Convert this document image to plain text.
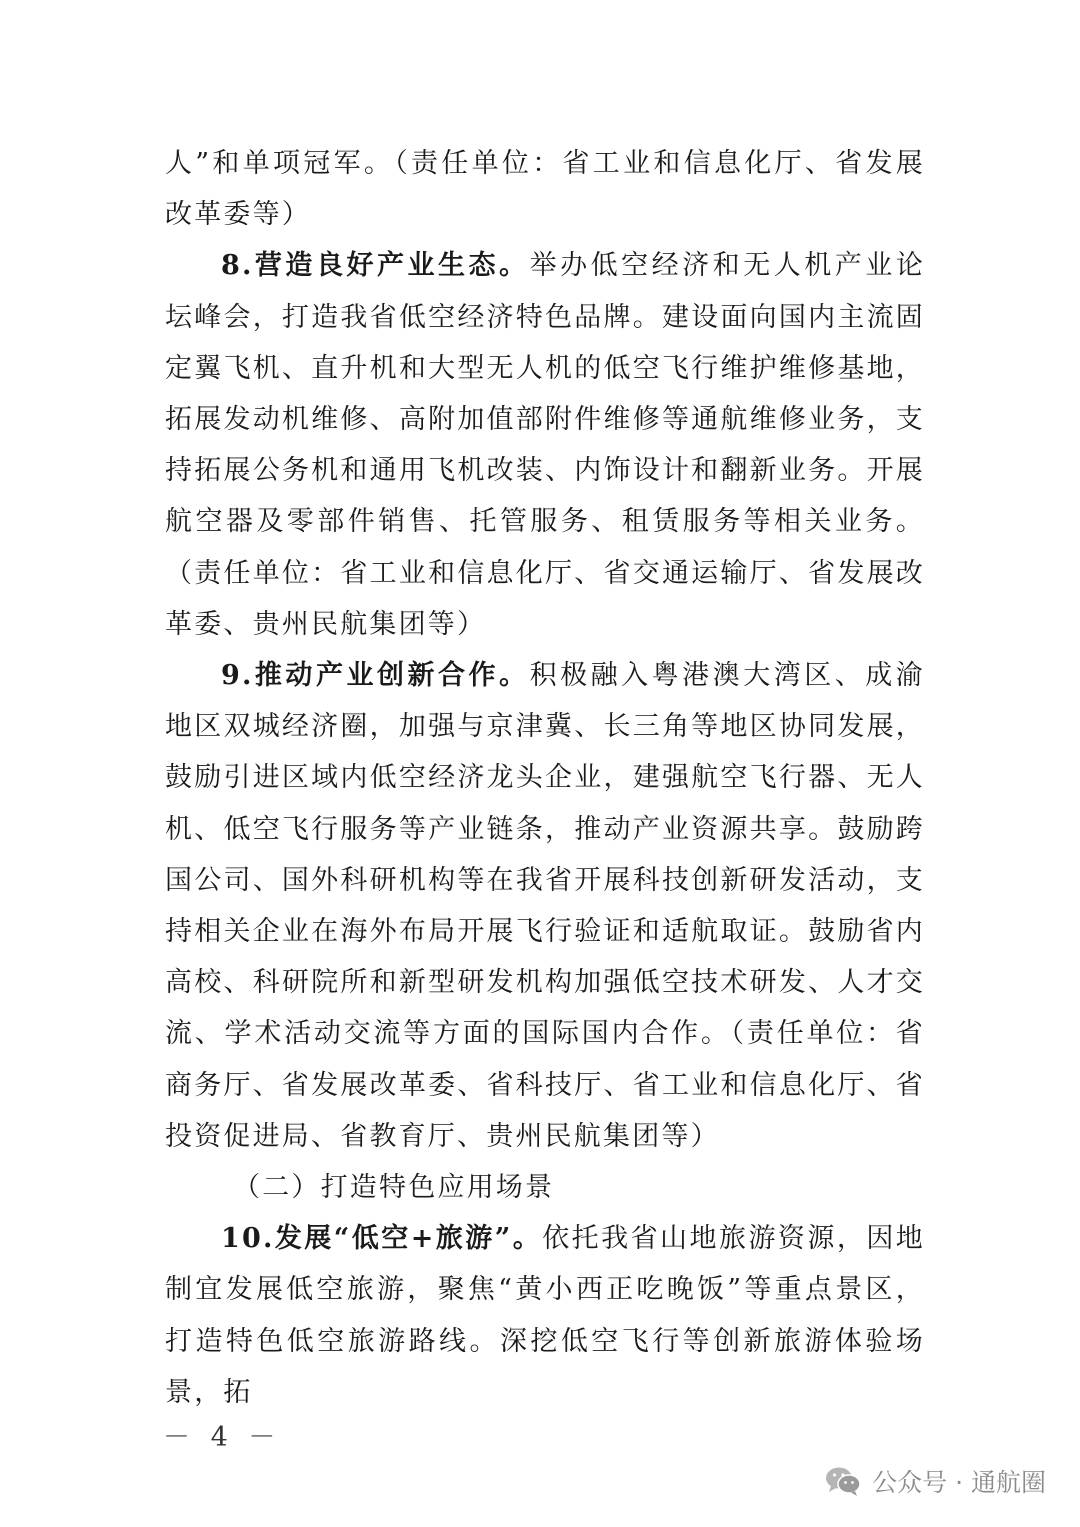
人”和单项冠军。（责任单位：省工业和信息化厅、省发展改革委等）

8.营造良好产业生态。举办低空经济和无人机产业论坛峰会，打造我省低空经济特色品牌。建设面向国内主流固定翼飞机、直升机和大型无人机的低空飞行维护维修基地，拓展发动机维修、高附加值部附件维修等通航维修业务，支持拓展公务机和通用飞机改装、内饰设计和翻新业务。开展航空器及零部件销售、托管服务、租赁服务等相关业务。（责任单位：省工业和信息化厅、省交通运输厅、省发展改革委、贵州民航集团等）

9.推动产业创新合作。积极融入粤港澳大湾区、成渝地区双城经济圈，加强与京津冀、长三角等地区协同发展，鼓励引进区域内低空经济龙头企业，建强航空飞行器、无人机、低空飞行服务等产业链条，推动产业资源共享。鼓励跨国公司、国外科研机构等在我省开展科技创新研发活动，支持相关企业在海外布局开展飞行验证和适航取证。鼓励省内高校、科研院所和新型研发机构加强低空技术研发、人才交流、学术活动交流等方面的国际国内合作。（责任单位：省商务厅、省发展改革委、省科技厅、省工业和信息化厅、省投资促进局、省教育厅、贵州民航集团等）

（二）打造特色应用场景

10.发展“低空+旅游”。依托我省山地旅游资源，因地制宜发展低空旅游，聚焦“黄小西正吃晚饭”等重点景区，打造特色低空旅游路线。深挖低空飞行等创新旅游体验场景，拓

－ 4 －
公众号 · 通航圈
